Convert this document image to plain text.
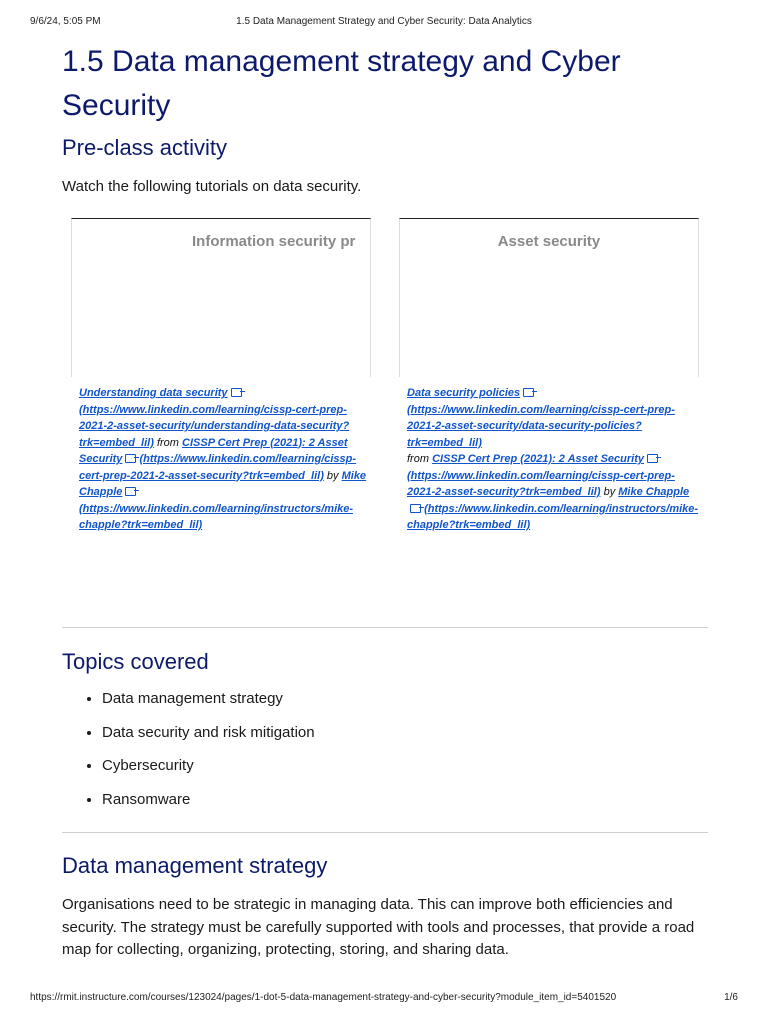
9/6/24, 5:05 PM	1.5 Data Management Strategy and Cyber Security: Data Analytics
1.5 Data management strategy and Cyber Security
Pre-class activity

Watch the following tutorials on data security.

Information security pr
Understanding data security
(https://www.linkedin.com/learning/cissp-cert-prep-2021-2-asset-security/understanding-data-security?trk=embed_lil) from CISSP Cert Prep (2021): 2 Asset Security (https://www.linkedin.com/learning/cissp-cert-prep-2021-2-asset-security?trk=embed_lil) by Mike Chapple (https://www.linkedin.com/learning/instructors/mike-chapple?trk=embed_lil)
Asset security
Data security policies
(https://www.linkedin.com/learning/cissp-cert-prep-2021-2-asset-security/data-security-policies?trk=embed_lil)
from CISSP Cert Prep (2021): 2 Asset Security (https://www.linkedin.com/learning/cissp-cert-prep-2021-2-asset-security?trk=embed_lil) by Mike Chapple (https://www.linkedin.com/learning/instructors/mike-chapple?trk=embed_lil)
Topics covered
• Data management strategy
• Data security and risk mitigation
• Cybersecurity
• Ransomware
Data management strategy

Organisations need to be strategic in managing data. This can improve both efficiencies and security. The strategy must be carefully supported with tools and processes, that provide a road map for collecting, organizing, protecting, storing, and sharing data.

https://rmit.instructure.com/courses/123024/pages/1-dot-5-data-management-strategy-and-cyber-security?module_item_id=5401520	1/6
